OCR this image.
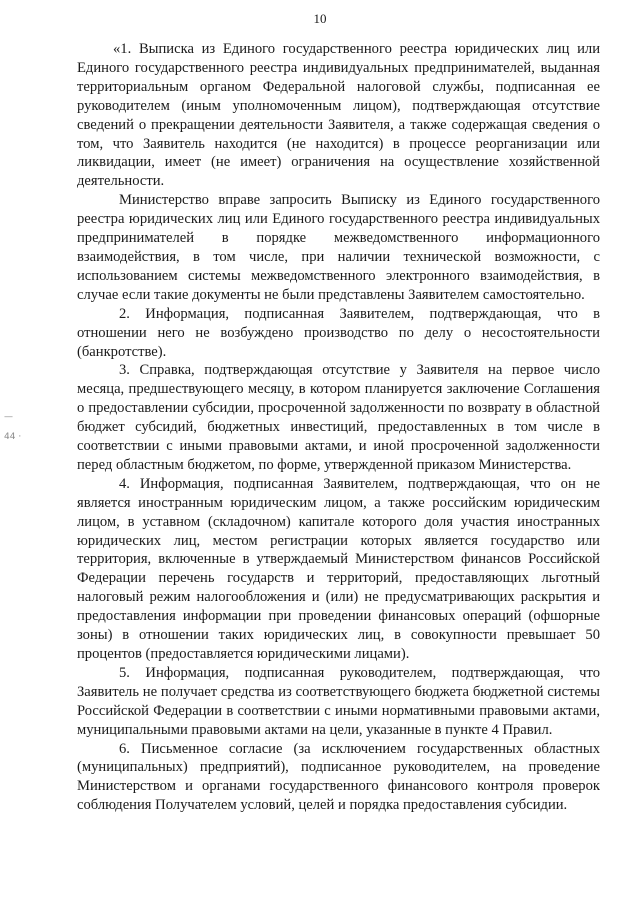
10

«1. Выписка из Единого государственного реестра юридических лиц или Единого государственного реестра индивидуальных предпринимателей, выданная территориальным органом Федеральной налоговой службы, подписанная ее руководителем (иным уполномоченным лицом), подтверждающая отсутствие сведений о прекращении деятельности Заявителя, а также содержащая сведения о том, что Заявитель находится (не находится) в процессе реорганизации или ликвидации, имеет (не имеет) ограничения на осуществление хозяйственной деятельности.

Министерство вправе запросить Выписку из Единого государственного реестра юридических лиц или Единого государственного реестра индивидуальных предпринимателей в порядке межведомственного информационного взаимодействия, в том числе, при наличии технической возможности, с использованием системы межведомственного электронного взаимодействия, в случае если такие документы не были представлены Заявителем самостоятельно.

2. Информация, подписанная Заявителем, подтверждающая, что в отношении него не возбуждено производство по делу о несостоятельности (банкротстве).

3. Справка, подтверждающая отсутствие у Заявителя на первое число месяца, предшествующего месяцу, в котором планируется заключение Соглашения о предоставлении субсидии, просроченной задолженности по возврату в областной бюджет субсидий, бюджетных инвестиций, предоставленных в том числе в соответствии с иными правовыми актами, и иной просроченной задолженности перед областным бюджетом, по форме, утвержденной приказом Министерства.

4. Информация, подписанная Заявителем, подтверждающая, что он не является иностранным юридическим лицом, а также российским юридическим лицом, в уставном (складочном) капитале которого доля участия иностранных юридических лиц, местом регистрации которых является государство или территория, включенные в утверждаемый Министерством финансов Российской Федерации перечень государств и территорий, предоставляющих льготный налоговый режим налогообложения и (или) не предусматривающих раскрытия и предоставления информации при проведении финансовых операций (офшорные зоны) в отношении таких юридических лиц, в совокупности превышает 50 процентов (предоставляется юридическими лицами).

5. Информация, подписанная руководителем, подтверждающая, что Заявитель не получает средства из соответствующего бюджета бюджетной системы Российской Федерации в соответствии с иными нормативными правовыми актами, муниципальными правовыми актами на цели, указанные в пункте 4 Правил.

6. Письменное согласие (за исключением государственных областных (муниципальных) предприятий), подписанное руководителем, на проведение Министерством и органами государственного финансового контроля проверок соблюдения Получателем условий, целей и порядка предоставления субсидии.

—
44 ⋅
